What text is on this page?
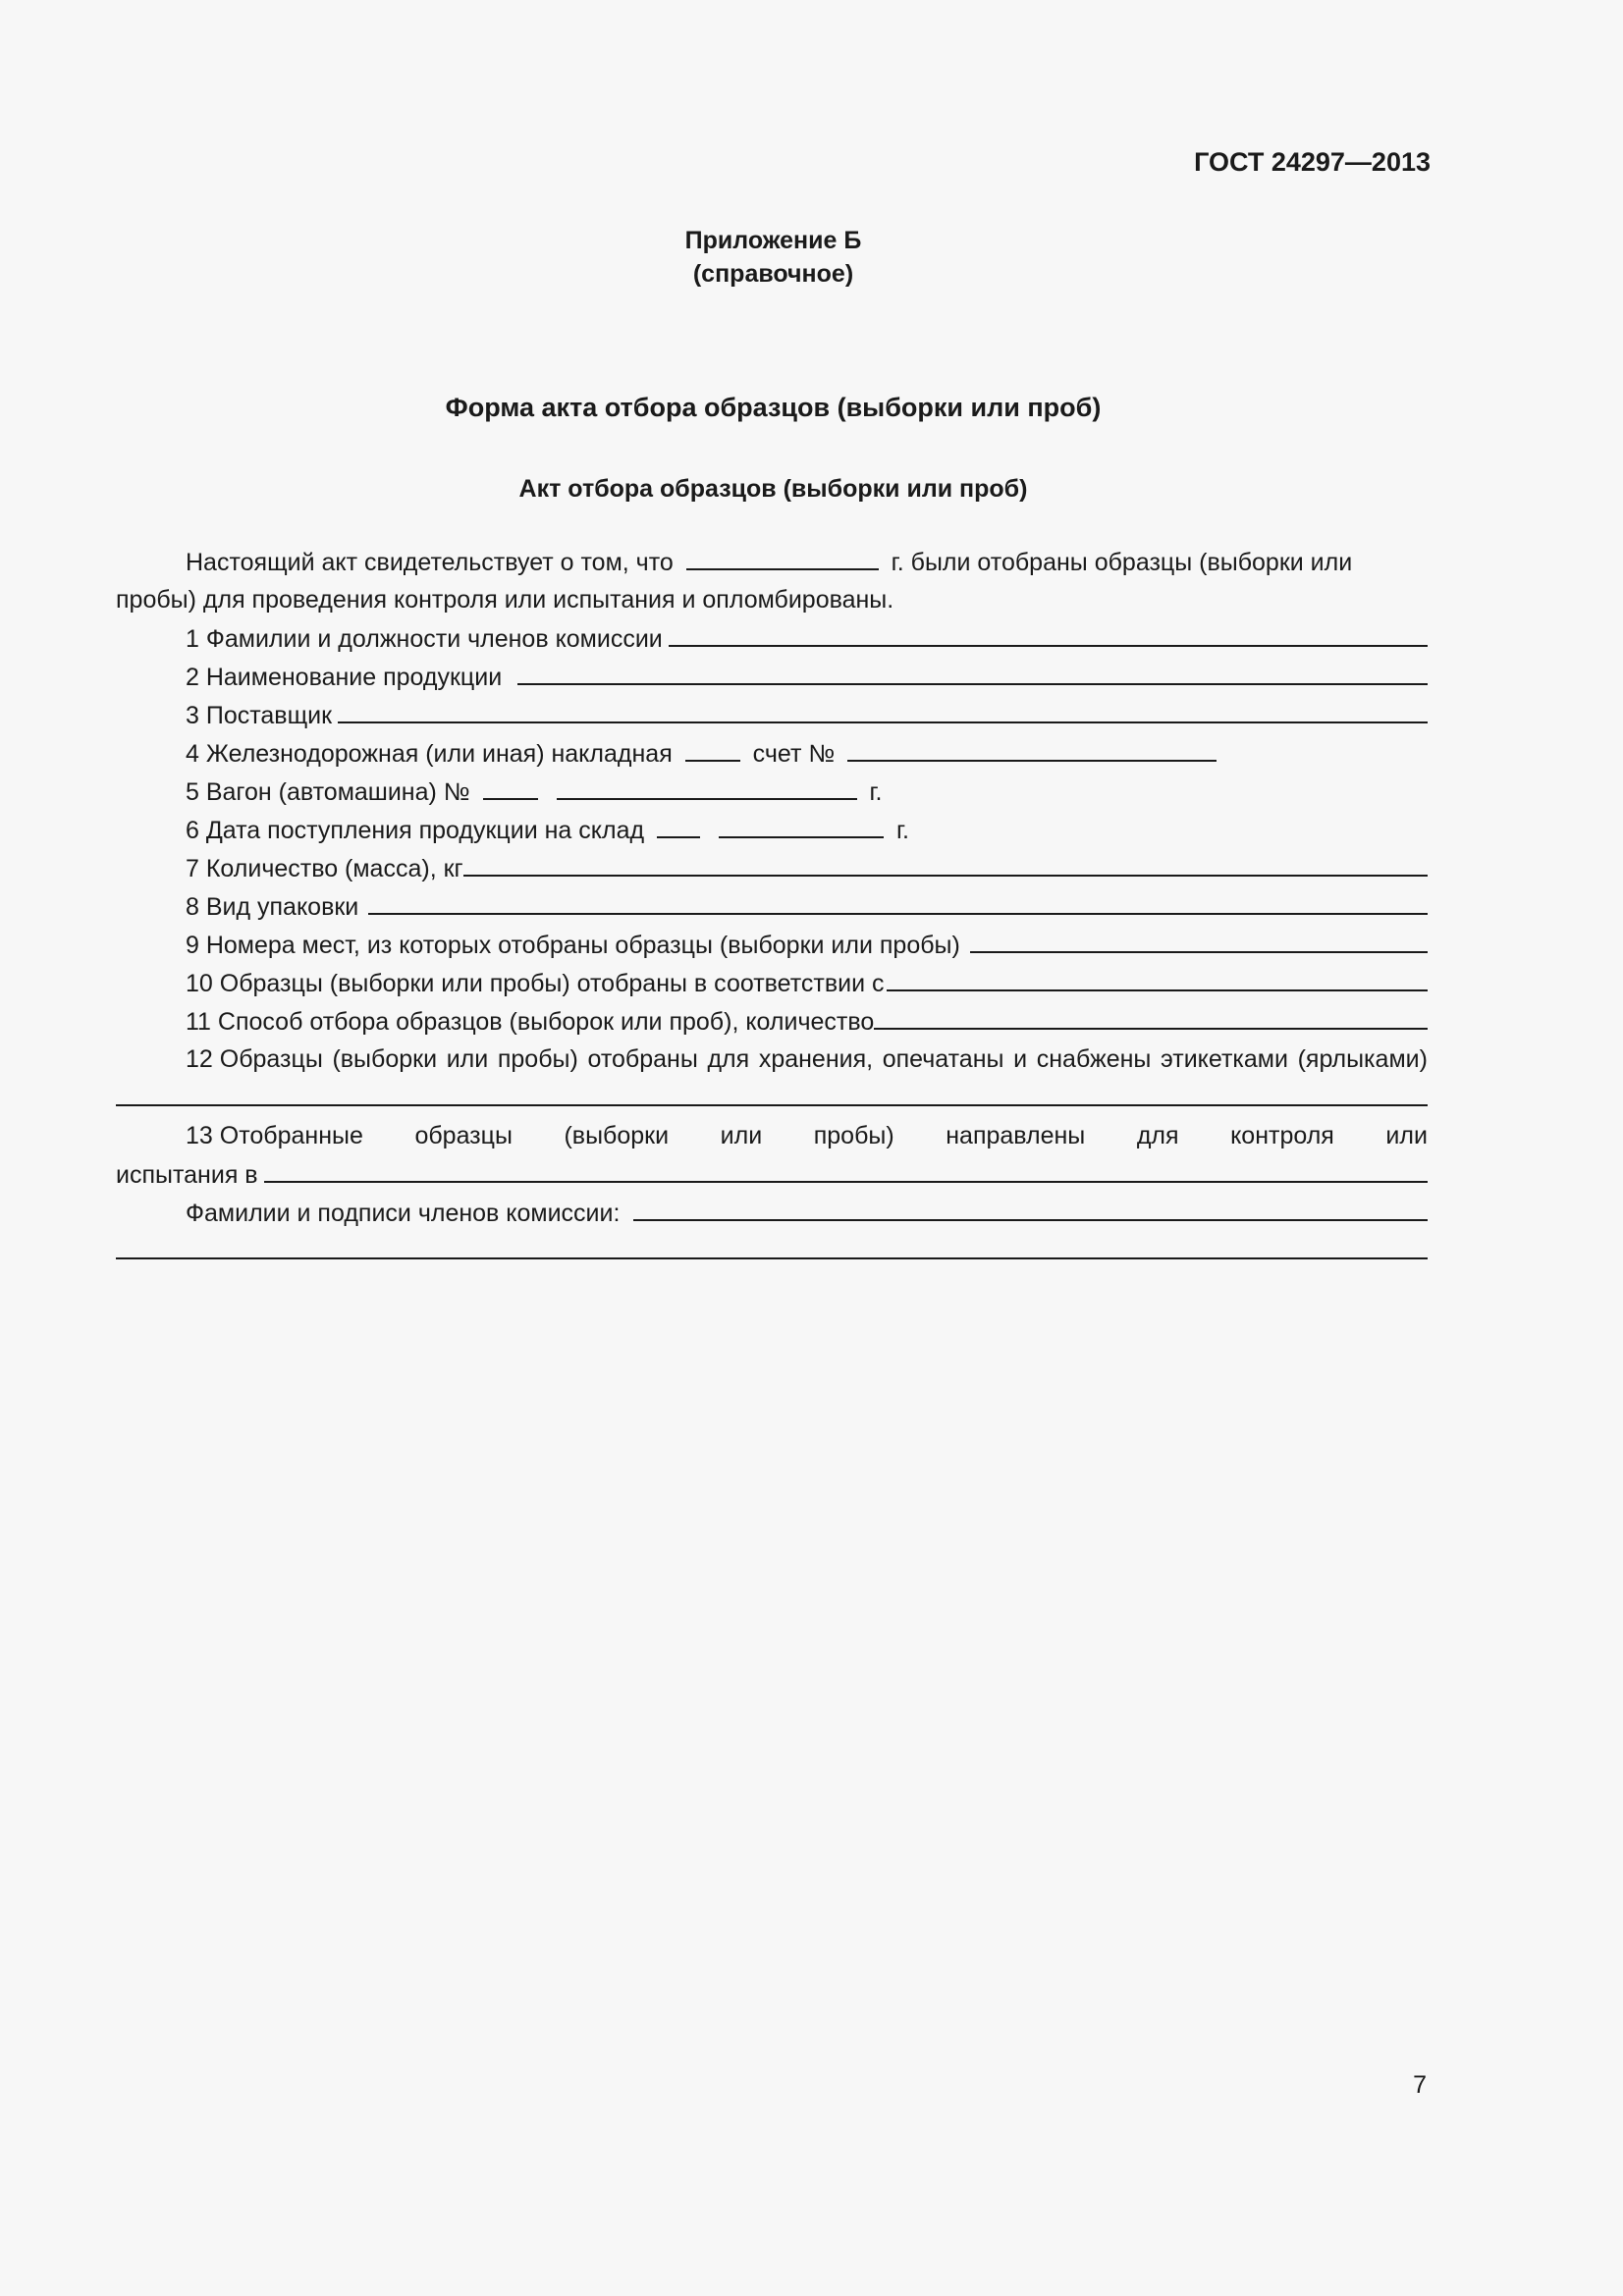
ГОСТ 24297—2013
Приложение Б
(справочное)
Форма акта отбора образцов (выборки или проб)
Акт отбора образцов (выборки или проб)
Настоящий акт свидетельствует о том, что	г. были отобраны образцы (выборки или
пробы) для проведения контроля или испытания и опломбированы.
1 Фамилии и должности членов комиссии
2 Наименование продукции
3 Поставщик
4 Железнодорожная (или иная) накладная	счет №
5 Вагон (автомашина) №	г.
6 Дата поступления продукции на склад	г.
7 Количество (масса), кг
8 Вид упаковки
9 Номера мест, из которых отобраны образцы (выборки или пробы)
10 Образцы (выборки или пробы) отобраны в соответствии с
11 Способ отбора образцов (выборок или проб), количество
12 Образцы (выборки или пробы) отобраны для хранения, опечатаны и снабжены этикетками (ярлыками)
13 Отобранные образцы (выборки или пробы) направлены для контроля или
испытания в
Фамилии и подписи членов комиссии:
7
